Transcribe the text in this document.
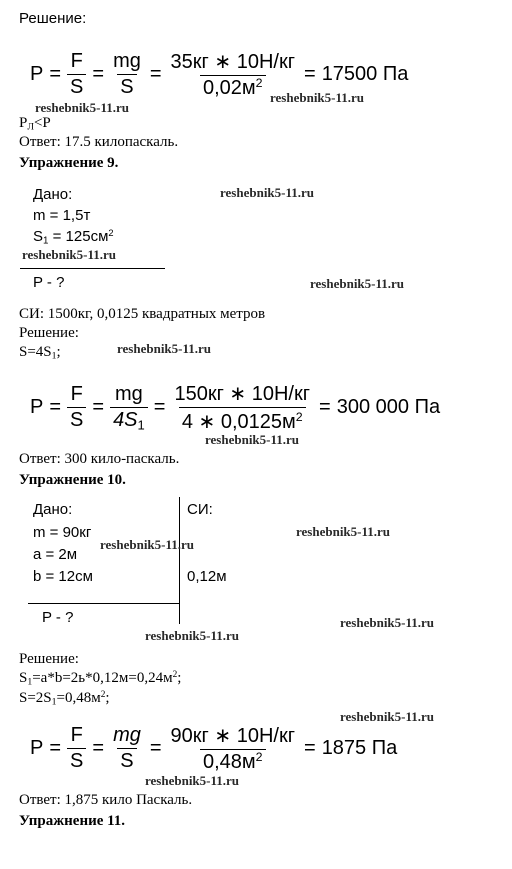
Решение:
$P = \frac{F}{S} = \frac{mg}{S} = \frac{35кг ∗ 10Н/кг}{0,02м^2} = 17500$ Па
reshebnik5-11.ru
reshebnik5-11.ru
$P_Л<P$
Ответ: 17.5 килопаскаль.
Упражнение 9.
Дано:	reshebnik5-11.ru
m = 1,5т
$S_1 = 125см^2$
reshebnik5-11.ru
P - ?	reshebnik5-11.ru
СИ: 1500кг, 0,0125 квадратных метров
Решение:
$S=4S_1$;	reshebnik5-11.ru
$P = \frac{F}{S} = \frac{mg}{4S_1} = \frac{150кг ∗ 10Н/кг}{4 ∗ 0,0125м^2} = 300$ 000 Па
reshebnik5-11.ru
Ответ: 300 кило-паскаль.
Упражнение 10.
Дано:	СИ:
m = 90кг	reshebnik5-11.ru
reshebnik5-11.ru
a = 2м
b = 12см	0,12м
P - ?	reshebnik5-11.ru
reshebnik5-11.ru
Решение:
$S_1=a*b=2ь*0,12м=0,24м^2$;
$S=2S_1=0,48м^2$;
reshebnik5-11.ru
$P = \frac{F}{S} = \frac{mg}{S} = \frac{90кг ∗ 10Н/кг}{0,48м^2} = 1875$ Па
reshebnik5-11.ru
Ответ: 1,875 кило Паскаль.
Упражнение 11.
